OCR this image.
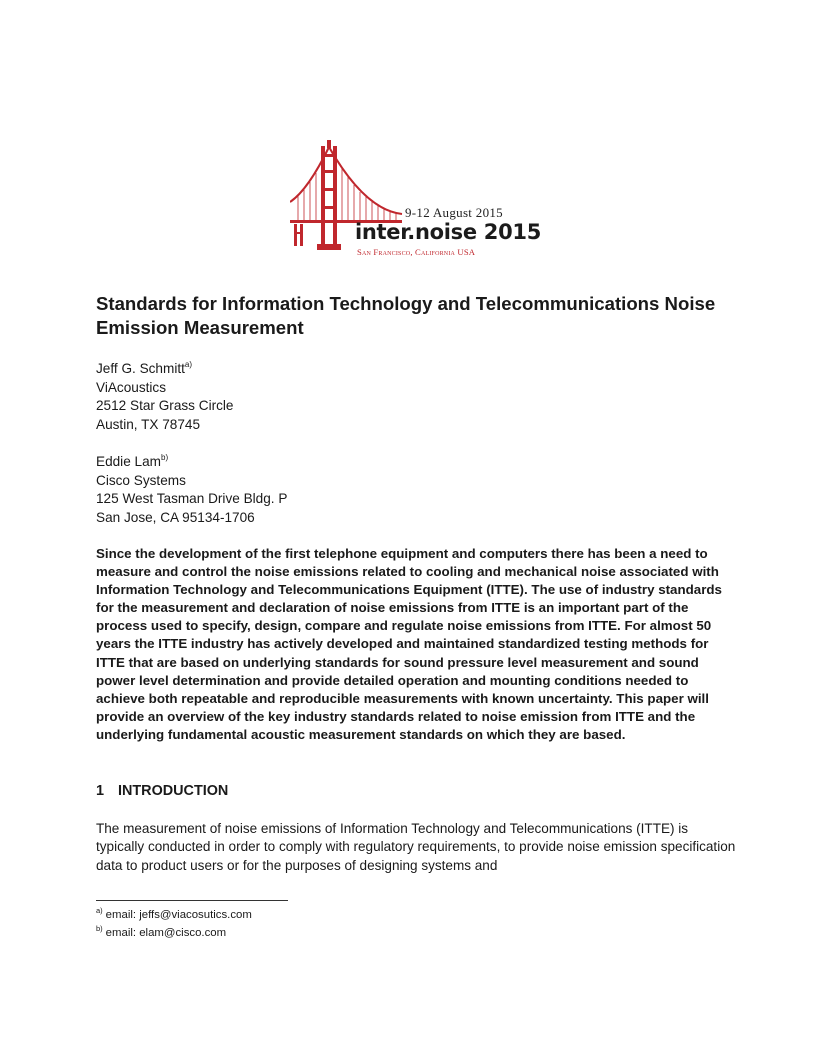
9-12 August 2015
inter.noise 2015
San Francisco, California USA
Standards for Information Technology and Telecommunications Noise Emission Measurement
Jeff G. Schmitt$^{a)}$
ViAcoustics
2512 Star Grass Circle
Austin, TX 78745
Eddie Lam$^{b)}$
Cisco Systems
125 West Tasman Drive Bldg. P
San Jose, CA 95134-1706

Since the development of the first telephone equipment and computers there has been a need to measure and control the noise emissions related to cooling and mechanical noise associated with Information Technology and Telecommunications Equipment (ITTE). The use of industry standards for the measurement and declaration of noise emissions from ITTE is an important part of the process used to specify, design, compare and regulate noise emissions from ITTE. For almost 50 years the ITTE industry has actively developed and maintained standardized testing methods for ITTE that are based on underlying standards for sound pressure level measurement and sound power level determination and provide detailed operation and mounting conditions needed to achieve both repeatable and reproducible measurements with known uncertainty. This paper will provide an overview of the key industry standards related to noise emission from ITTE and the underlying fundamental acoustic measurement standards on which they are based.

1 INTRODUCTION

The measurement of noise emissions of Information Technology and Telecommunications (ITTE) is typically conducted in order to comply with regulatory requirements, to provide noise emission specification data to product users or for the purposes of designing systems and

$^{a)}$ email: jeffs@viacosutics.com
$^{b)}$ email: elam@cisco.com
